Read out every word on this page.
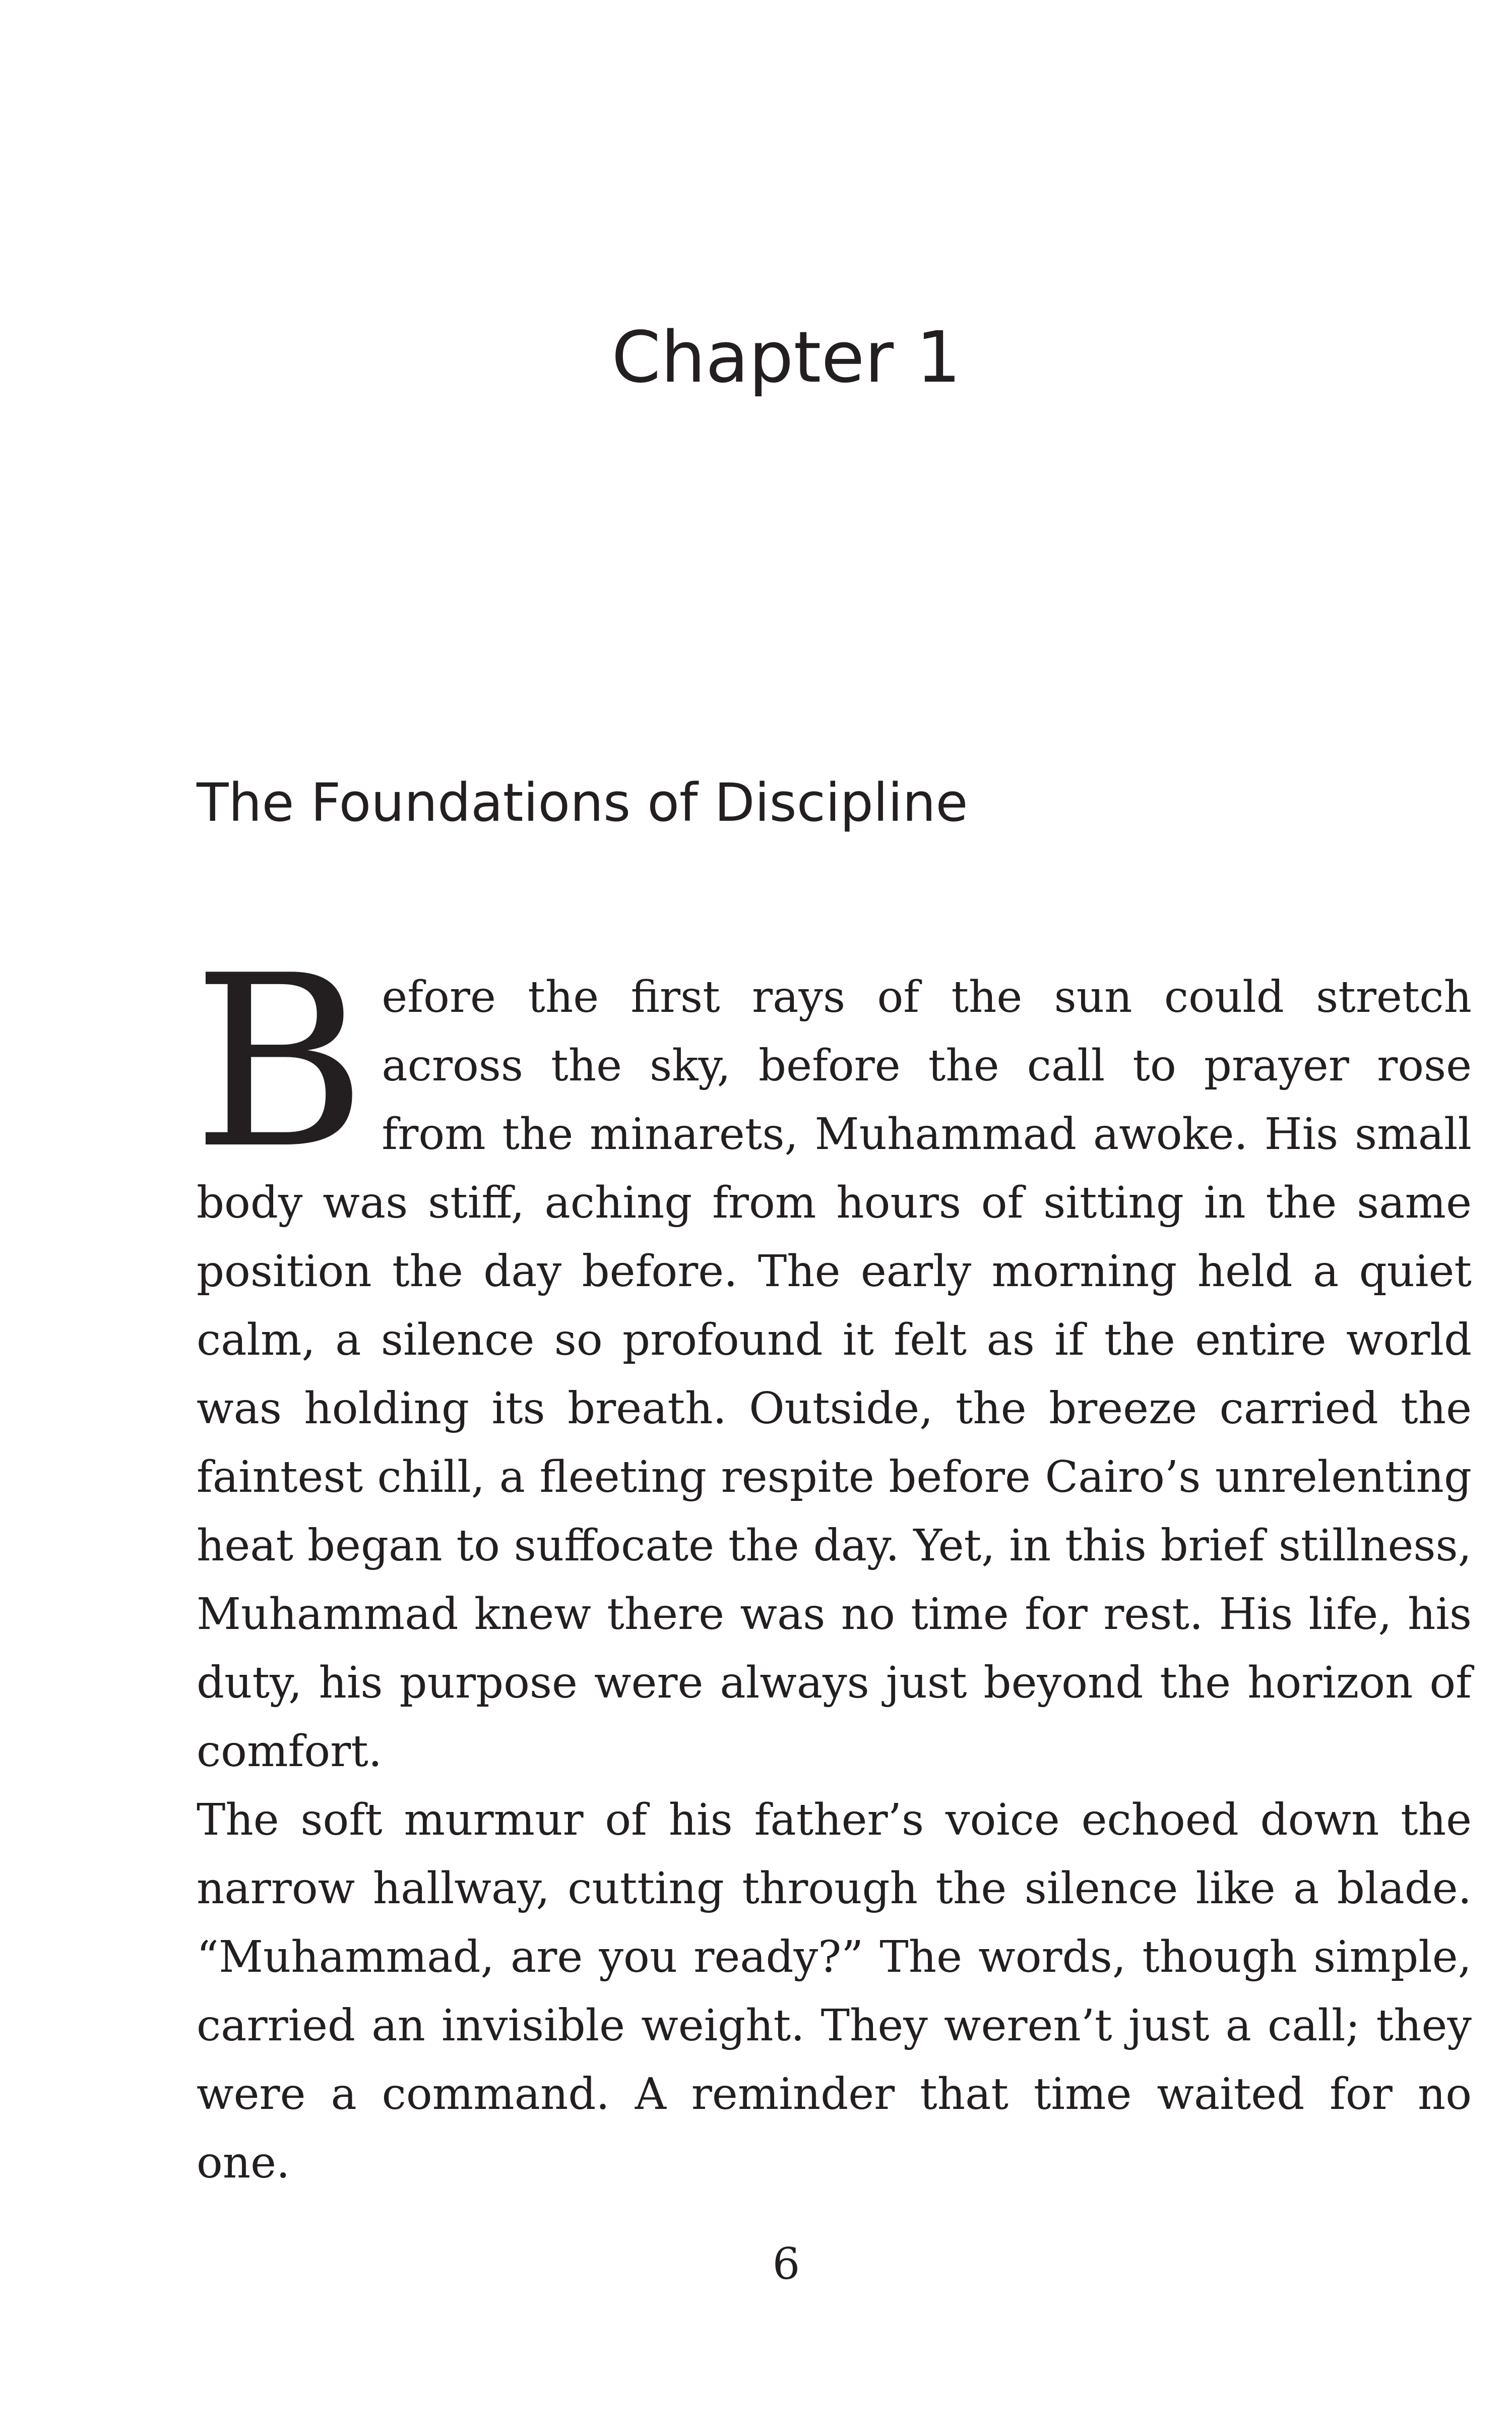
Chapter 1
The Foundations of Discipline

Before the first rays of the sun could stretch across the sky, before the call to prayer rose from the minarets, Muhammad awoke. His small body was stiff, aching from hours of sitting in the same position the day before. The early morning held a quiet calm, a silence so profound it felt as if the entire world was holding its breath. Outside, the breeze carried the faintest chill, a fleeting respite before Cairo’s unrelenting heat began to suffocate the day. Yet, in this brief stillness, Muhammad knew there was no time for rest. His life, his duty, his purpose were always just beyond the horizon of comfort.

The soft murmur of his father’s voice echoed down the narrow hallway, cutting through the silence like a blade. “Muhammad, are you ready?” The words, though simple, carried an invisible weight. They weren’t just a call; they were a command. A reminder that time waited for no one.

6
